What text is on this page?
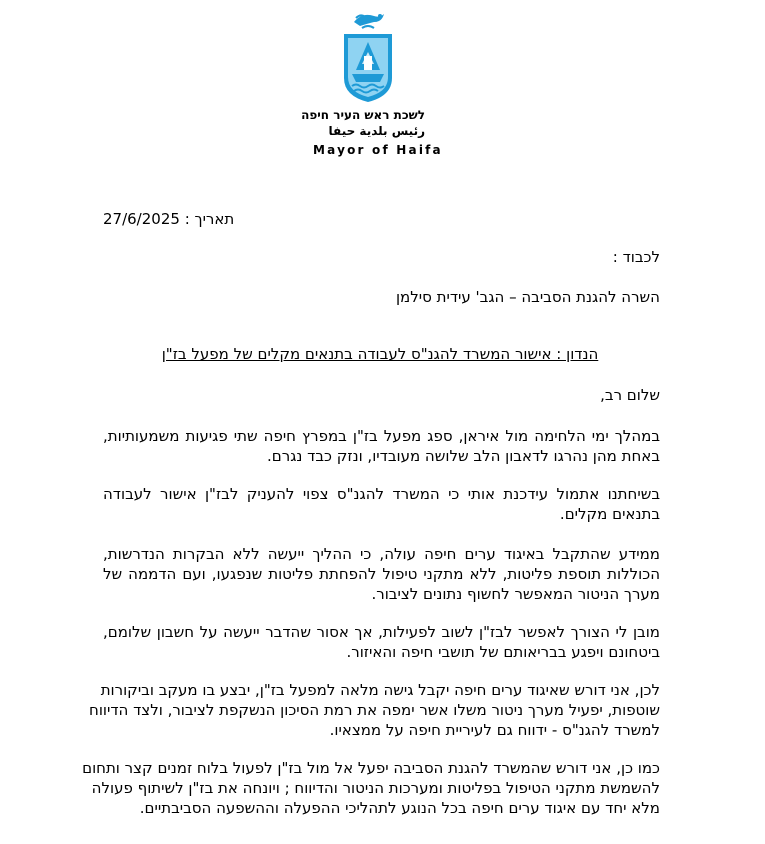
לשכת ראש העיר חיפה
رئيس بلدية حيفا
Mayor of Haifa
תאריך : 27/6/2025
לכבוד :
השרה להגנת הסביבה – הגב' עידית סילמן
הנדון : אישור המשרד להגנ"ס לעבודה בתנאים מקלים של מפעל בז"ן
שלום רב,
במהלך ימי הלחימה מול איראן, ספג מפעל בז"ן במפרץ חיפה שתי פגיעות משמעותיות,
באחת מהן נהרגו לדאבון הלב שלושה מעובדיו, ונזק כבד נגרם.
בשיחתנו אתמול עידכנת אותי כי המשרד להגנ"ס צפוי להעניק לבז"ן אישור לעבודה
בתנאים מקלים.
ממידע שהתקבל באיגוד ערים חיפה עולה, כי ההליך ייעשה ללא הבקרות הנדרשות,
הכוללות תוספת פליטות, ללא מתקני טיפול להפחתת פליטות שנפגעו, ועם הדממה של
מערך הניטור המאפשר לחשוף נתונים לציבור.
מובן לי הצורך לאפשר לבז"ן לשוב לפעילות, אך אסור שהדבר ייעשה על חשבון שלומם,
ביטחונם ויפגע בבריאותם של תושבי חיפה והאיזור.
לכן, אני דורש שאיגוד ערים חיפה יקבל גישה מלאה למפעל בז"ן, יבצע בו מעקב וביקורות
שוטפות, יפעיל מערך ניטור משלו אשר ימפה את רמת הסיכון הנשקפת לציבור, ולצד הדיווח
למשרד להגנ"ס - ידווח גם לעיריית חיפה על ממצאיו.
כמו כן, אני דורש שהמשרד להגנת הסביבה יפעל אל מול בז"ן לפעול בלוח זמנים קצר ותחום
להשמשת מתקני הטיפול בפליטות ומערכות הניטור והדיווח ; ויונחה את בז"ן לשיתוף פעולה
מלא יחד עם איגוד ערים חיפה בכל הנוגע לתהליכי ההפעלה וההשפעה הסביבתיים.
